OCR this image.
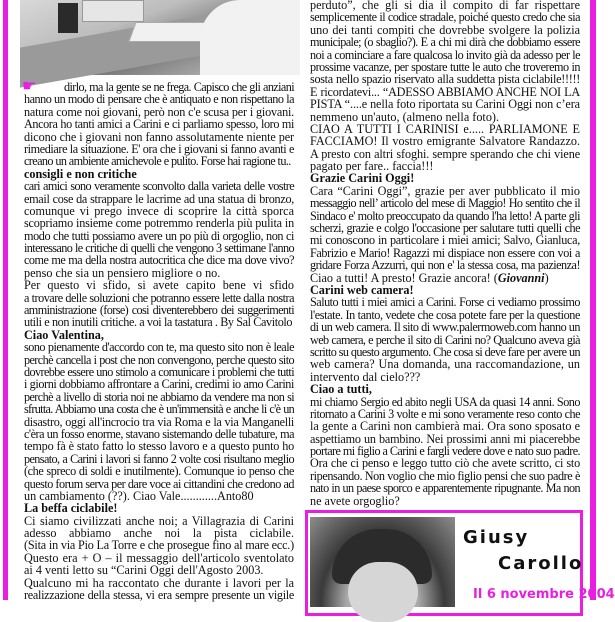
☛	dirlo, ma la gente se ne frega. Capisco che gli anziani
hanno un modo di pensare che è antiquato e non rispettano la
natura come noi giovani, però non c'e scusa per i giovani.
Ancora ho tanti amici a Carini e ci parliamo spesso, loro mi
dicono che i giovani non fanno assolutamente niente per
rimediare la situazione. E' ora che i giovani si fanno avanti e
creano un ambiente amichevole e pulito. Forse hai ragione tu..
consigli e non critiche
cari amici sono veramente sconvolto dalla varieta delle vostre
email cose da strappare le lacrime ad una statua di bronzo,
comunque vi prego invece di scoprire la città sporca
scopriamo insieme come potremmo renderla più pulita in
modo che tutti possiamo avere un po più di orgoglio, non ci
interessano le critiche di quelli che vengono 3 settimane l'anno
come me ma della nostra autocritica che dice ma dove vivo?
penso che sia un pensiero migliore o no.
Per questo vi sfido, si avete capito bene vi sfido
a trovare delle soluzioni che potranno essere lette dalla nostra
amministrazione (forse) cosi diventerebbero dei suggerimenti
utili e non inutili critiche. a voi la tastatura . By Sal Cavitolo
Ciao Valentina,
sono pienamente d'accordo con te, ma questo sito non è leale
perchè cancella i post che non convengono, perche questo sito
dovrebbe essere uno stimolo a comunicare i problemi che tutti
i giorni dobbiamo affrontare a Carini, credimi io amo Carini
perchè a livello di storia noi ne abbiamo da vendere ma non si
sfrutta. Abbiamo una costa che è un'immensità e anche li c'è un
disastro, oggi all'incrocio tra via Roma e la via Manganelli
c'èra un fosso enorme, stavano sistemando delle tubature, ma
tempo fà è stato fatto lo stesso lavoro e a questo punto ho
pensato, a Carini i lavori si fanno 2 volte cosi risultano meglio
(che spreco di soldi e inutilmente). Comunque io penso che
questo forum serva per dare voce ai cittandini che credono ad
un cambiamento (??). Ciao Vale............Anto80
La beffa ciclabile!
Ci siamo civilizzati anche noi; a Villagrazia di Carini
adesso abbiamo anche noi la pista ciclabile.
(Sita in via Pio La Torre e che prosegue fino al mare ecc.)
Questo era + O – il messaggio dell'articolo sventolato
ai 4 venti letto su “Carini Oggi dell'Agosto 2003.
Qualcuno mi ha raccontato che durante i lavori per la
realizzazione della stessa, vi era sempre presente un vigile
perduto”, che gli si dia il compito di far rispettare
semplicemente il codice stradale, poiché questo credo che sia
uno dei tanti compiti che dovrebbe svolgere la polizia
municipale; (o sbaglio?). E a chi mi dirà che dobbiamo essere
noi a cominciare a fare qualcosa lo invito già da adesso per le
prossime vacanze, per spostare tutte le auto che troveremo in
sosta nello spazio riservato alla suddetta pista ciclabile!!!!!
E ricordatevi... “ADESSO ABBIAMO ANCHE NOI LA
PISTA “....e nella foto riportata su Carini Oggi non c’era
nemmeno un'auto, (almeno nella foto).
CIAO A TUTTI I CARINISI e..... PARLIAMONE E
FACCIAMO! Il vostro emigrante Salvatore Randazzo.
A presto con altri sfoghi. sempre sperando che chi viene
pagato per fare.. faccia!!!
Grazie Carini Oggi!
Cara “Carini Oggi”, grazie per aver pubblicato il mio
messaggio nell’ articolo del mese di Maggio! Ho sentito che il
Sindaco e' molto preoccupato da quando l'ha letto! A parte gli
scherzi, grazie e colgo l'occasione per salutare tutti quelli che
mi conoscono in particolare i miei amici; Salvo, Gianluca,
Fabrizio e Mario! Ragazzi mi dispiace non essere con voi a
gridare Forza Azzurri, qui non e' la stessa cosa, ma pazienza!
Ciao a tutti! A presto! Grazie ancora! (Giovanni)
Carini web camera!
Saluto tutti i miei amici a Carini. Forse ci vediamo prossimo
l'estate. In tanto, vedete che cosa potete fare per la questione
di un web camera. Il sito di www.palermoweb.com hanno un
web camera, e perche il sito di Carini no? Qualcuno aveva già
scritto su questo argumento. Che cosa si deve fare per avere un
web camera? Una domanda, una raccomandazione, un
intervento dal cielo???
Ciao a tutti,
mi chiamo Sergio ed abito negli USA da quasi 14 anni. Sono
ritornato a Carini 3 volte e mi sono veramente reso conto che
la gente a Carini non cambierà mai. Ora sono sposato e
aspettiamo un bambino. Nei prossimi anni mi piacerebbe
portare mi figlio a Carini e fargli vedere dove e nato suo padre.
Ora che ci penso e leggo tutto ciò che avete scritto, ci sto
ripensando. Non voglio che mio figlio pensi che suo padre è
nato in un paese sporco e apparentemente ripugnante. Ma non
ne avete orgoglio?
Giusy
Carollo
Il 6 novembre 2004
